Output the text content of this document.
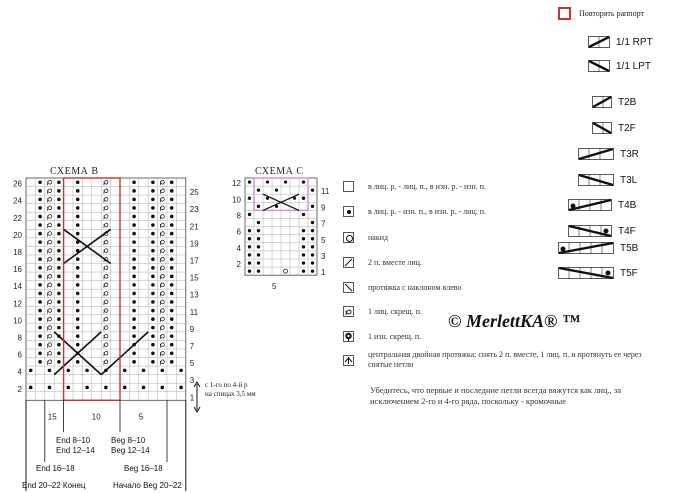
Повторять раппорт
1/1 RPT
1/1 LPT
T2B
T2F
T3R
T3L
T4B
T4F
T5B
T5F
СХЕМА В
26
24
22
20
18
16
14
12
10
8
6
4
2
25
23
21
19
17
15
13
11
9
7
5
3
1
15	10	5
12
10
8
6
4
2
11
9
7
5
3
1
5
СХЕМА С
в лиц. р. - лиц. п., в изн. р. - изн. п.
в лиц. р. - изн. п., в изн. р. - лиц. п.
накид
2 п. вместе лиц.
протяжка с наклоном влево
1 лиц. скрещ. п.
1 изн. скрещ. п.
центральная двойная протяжка: снять 2 п. вместе, 1 лиц. п. и протянуть ее через снятые петли
Убедитесь, что первые и последние петли всегда вяжутся как лиц., за исключением 2-го и 4-го ряда, поскольку - кромочные
© MerlettKA® ™
с 1-го по 4-й р
на спицах 3,5 мм
End 8–10
End 12–14
End 16–18
End 20–22 Конец
Beg 8–10
Beg 12–14
Beg 16–18
Начало Beg 20–22
